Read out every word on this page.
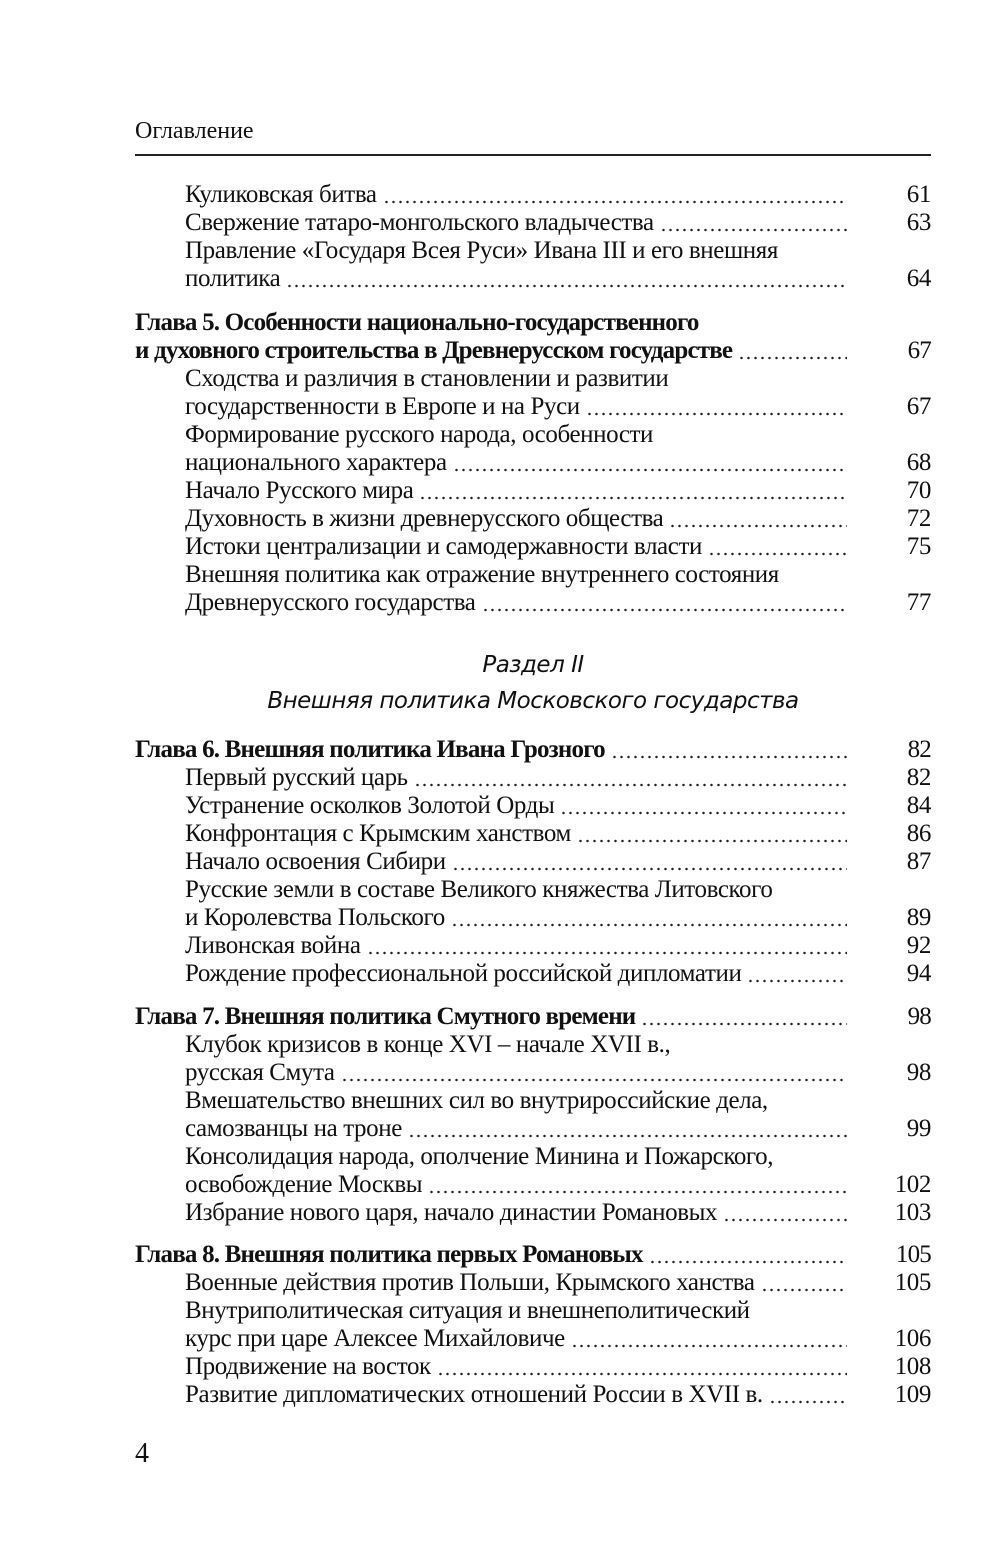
Оглавление
Куликовская битва	61
Свержение татаро-монгольского владычества	63
Правление «Государя Всея Руси» Ивана III и его внешняя
политика	64
Глава 5. Особенности национально-государственного
и духовного строительства в Древнерусском государстве	67
Сходства и различия в становлении и развитии
государственности в Европе и на Руси	67
Формирование русского народа, особенности
национального характера	68
Начало Русского мира	70
Духовность в жизни древнерусского общества	72
Истоки централизации и самодержавности власти	75
Внешняя политика как отражение внутреннего состояния
Древнерусского государства	77
Раздел II
Внешняя политика Московского государства
Глава 6. Внешняя политика Ивана Грозного	82
Первый русский царь	82
Устранение осколков Золотой Орды	84
Конфронтация с Крымским ханством	86
Начало освоения Сибири	87
Русские земли в составе Великого княжества Литовского
и Королевства Польского	89
Ливонская война	92
Рождение профессиональной российской дипломатии	94
Глава 7. Внешняя политика Смутного времени	98
Клубок кризисов в конце XVI – начале XVII в.,
русская Смута	98
Вмешательство внешних сил во внутрироссийские дела,
самозванцы на троне	99
Консолидация народа, ополчение Минина и Пожарского,
освобождение Москвы	102
Избрание нового царя, начало династии Романовых	103
Глава 8. Внешняя политика первых Романовых	105
Военные действия против Польши, Крымского ханства	105
Внутриполитическая ситуация и внешнеполитический
курс при царе Алексее Михайловиче	106
Продвижение на восток	108
Развитие дипломатических отношений России в XVII в.	109
4
